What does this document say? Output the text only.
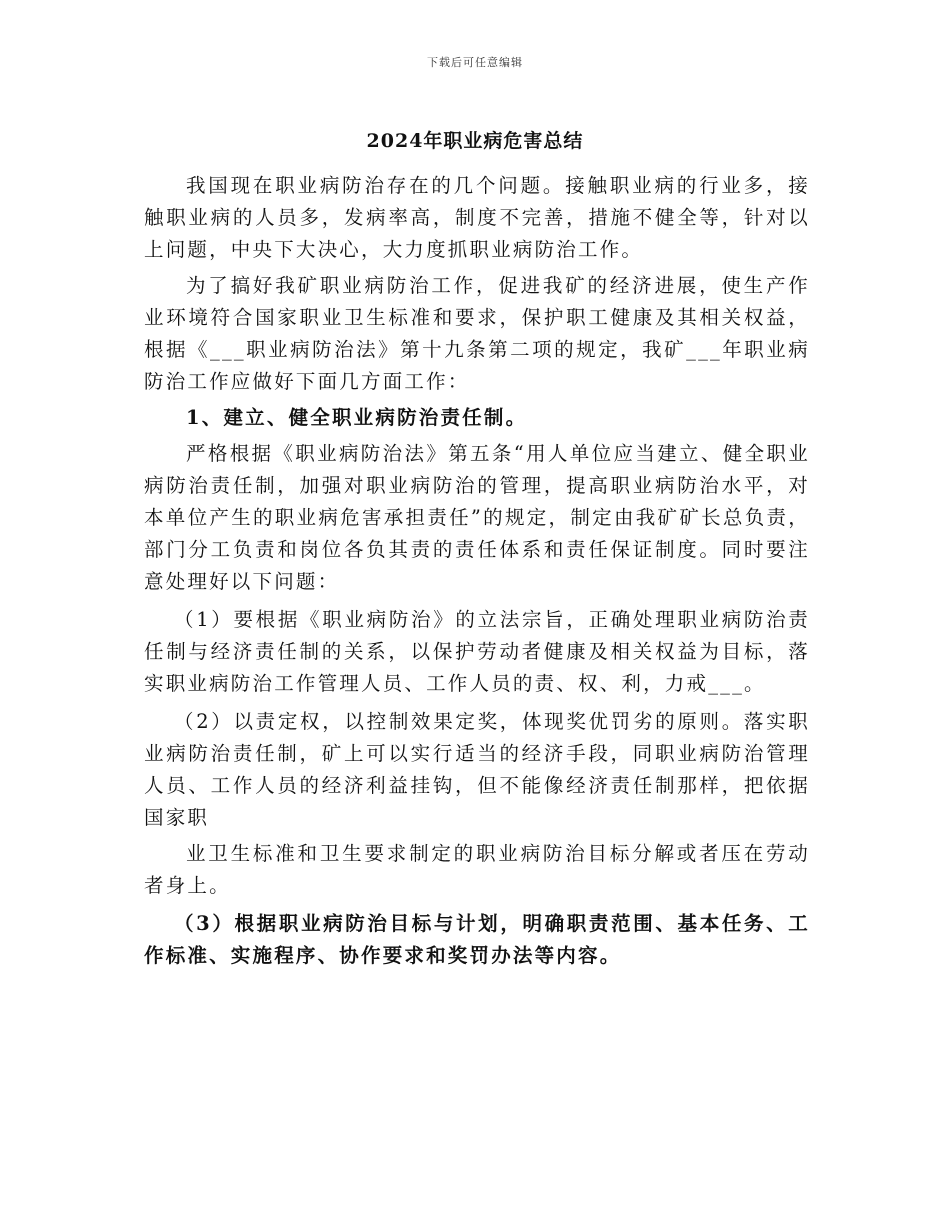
下载后可任意编辑
2024年职业病危害总结

我国现在职业病防治存在的几个问题。接触职业病的行业多，接触职业病的人员多，发病率高，制度不完善，措施不健全等，针对以上问题，中央下大决心，大力度抓职业病防治工作。

为了搞好我矿职业病防治工作，促进我矿的经济进展，使生产作业环境符合国家职业卫生标准和要求，保护职工健康及其相关权益，根据《___职业病防治法》第十九条第二项的规定，我矿___年职业病防治工作应做好下面几方面工作：

1、建立、健全职业病防治责任制。

严格根据《职业病防治法》第五条“用人单位应当建立、健全职业病防治责任制，加强对职业病防治的管理，提高职业病防治水平，对本单位产生的职业病危害承担责任”的规定，制定由我矿矿长总负责，部门分工负责和岗位各负其责的责任体系和责任保证制度。同时要注意处理好以下问题：

（1）要根据《职业病防治》的立法宗旨，正确处理职业病防治责任制与经济责任制的关系，以保护劳动者健康及相关权益为目标，落实职业病防治工作管理人员、工作人员的责、权、利，力戒___。

（2）以责定权，以控制效果定奖，体现奖优罚劣的原则。落实职业病防治责任制，矿上可以实行适当的经济手段，同职业病防治管理人员、工作人员的经济利益挂钩，但不能像经济责任制那样，把依据国家职

业卫生标准和卫生要求制定的职业病防治目标分解或者压在劳动者身上。

（3）根据职业病防治目标与计划，明确职责范围、基本任务、工作标准、实施程序、协作要求和奖罚办法等内容。
